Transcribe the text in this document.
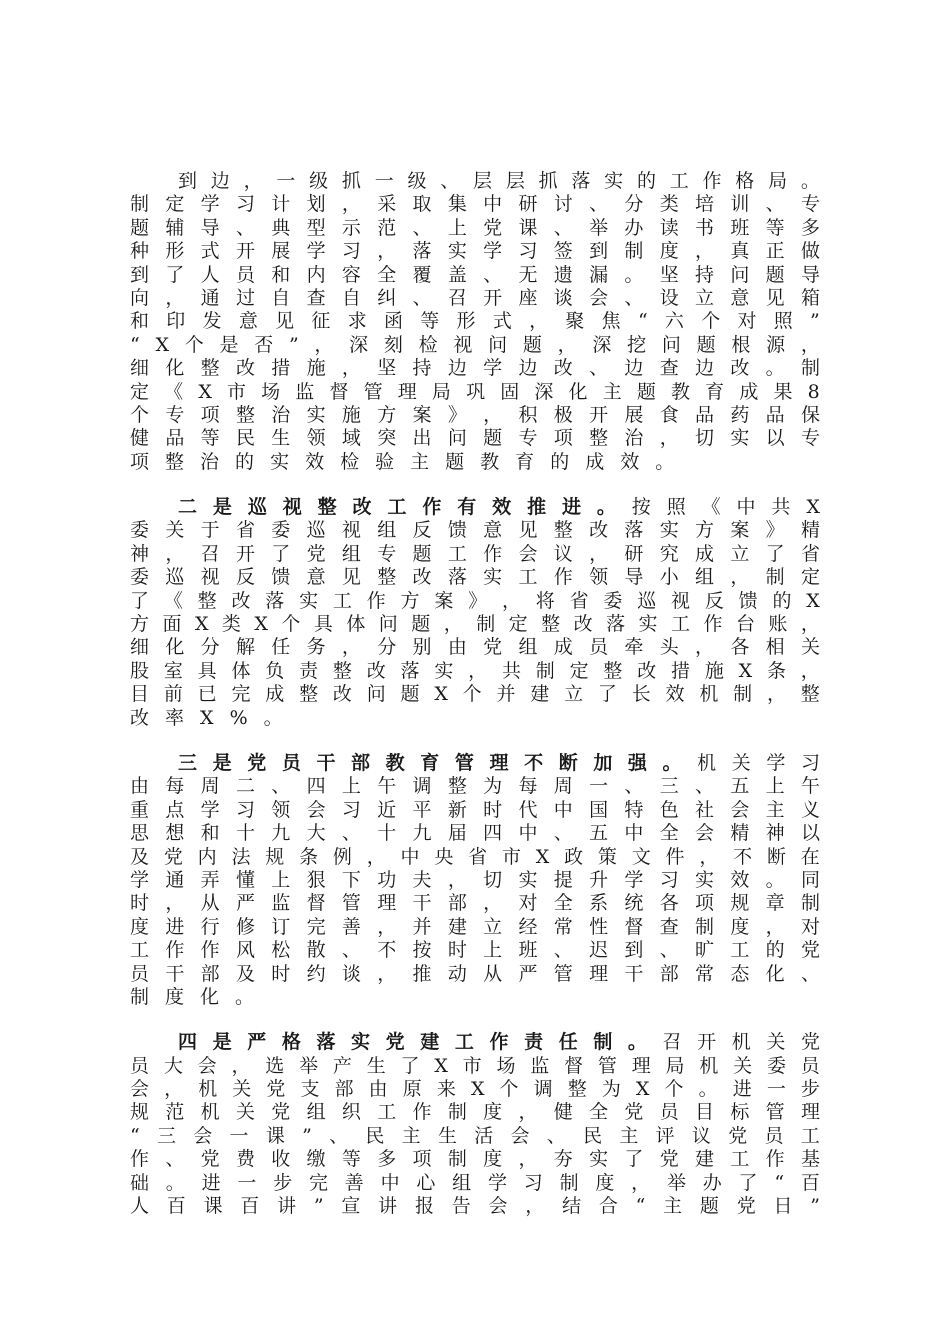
到 边 ， 一 级 抓 一 级 、 层 层 抓 落 实 的 工 作 格 局 。
制 定 学 习 计 划 ， 采 取 集 中 研 讨 、 分 类 培 训 、 专
题 辅 导 、 典 型 示 范 、 上 党 课 、 举 办 读 书 班 等 多
种 形 式 开 展 学 习 ， 落 实 学 习 签 到 制 度 ， 真 正 做
到 了 人 员 和 内 容 全 覆 盖 、 无 遗 漏 。 坚 持 问 题 导
向 ， 通 过 自 查 自 纠 、 召 开 座 谈 会 、 设 立 意 见 箱
和 印 发 意 见 征 求 函 等 形 式 ， 聚 焦 “ 六 个 对 照 ”
“ X 个 是 否 ” ， 深 刻 检 视 问 题 ， 深 挖 问 题 根 源 ，
细 化 整 改 措 施 ， 坚 持 边 学 边 改 、 边 查 边 改 。 制
定 《 X 市 场 监 督 管 理 局 巩 固 深 化 主 题 教 育 成 果 8
个 专 项 整 治 实 施 方 案 》 ， 积 极 开 展 食 品 药 品 保
健 品 等 民 生 领 域 突 出 问 题 专 项 整 治 ， 切 实 以 专
项 整 治 的 实 效 检 验 主 题 教 育 的 成 效 。
二 是 巡 视 整 改 工 作 有 效 推 进 。 按 照 《 中 共 X
委 关 于 省 委 巡 视 组 反 馈 意 见 整 改 落 实 方 案 》 精
神 ， 召 开 了 党 组 专 题 工 作 会 议 ， 研 究 成 立 了 省
委 巡 视 反 馈 意 见 整 改 落 实 工 作 领 导 小 组 ， 制 定
了 《 整 改 落 实 工 作 方 案 》 ， 将 省 委 巡 视 反 馈 的 X
方 面 X 类 X 个 具 体 问 题 ， 制 定 整 改 落 实 工 作 台 账 ，
细 化 分 解 任 务 ， 分 别 由 党 组 成 员 牵 头 ， 各 相 关
股 室 具 体 负 责 整 改 落 实 ， 共 制 定 整 改 措 施 X 条 ，
目 前 已 完 成 整 改 问 题 X 个 并 建 立 了 长 效 机 制 ， 整
改 率 X % 。
三 是 党 员 干 部 教 育 管 理 不 断 加 强 。 机 关 学 习
由 每 周 二 、 四 上 午 调 整 为 每 周 一 、 三 、 五 上 午
重 点 学 习 领 会 习 近 平 新 时 代 中 国 特 色 社 会 主 义
思 想 和 十 九 大 、 十 九 届 四 中 、 五 中 全 会 精 神 以
及 党 内 法 规 条 例 ， 中 央 省 市 X 政 策 文 件 ， 不 断 在
学 通 弄 懂 上 狠 下 功 夫 ， 切 实 提 升 学 习 实 效 。 同
时 ， 从 严 监 督 管 理 干 部 ， 对 全 系 统 各 项 规 章 制
度 进 行 修 订 完 善 ， 并 建 立 经 常 性 督 查 制 度 ， 对
工 作 作 风 松 散 、 不 按 时 上 班 、 迟 到 、 旷 工 的 党
员 干 部 及 时 约 谈 ， 推 动 从 严 管 理 干 部 常 态 化 、
制 度 化 。
四 是 严 格 落 实 党 建 工 作 责 任 制 。 召 开 机 关 党
员 大 会 ， 选 举 产 生 了 X 市 场 监 督 管 理 局 机 关 委 员
会 ， 机 关 党 支 部 由 原 来 X 个 调 整 为 X 个 。 进 一 步
规 范 机 关 党 组 织 工 作 制 度 ， 健 全 党 员 目 标 管 理
“ 三 会 一 课 ” 、 民 主 生 活 会 、 民 主 评 议 党 员 工
作 、 党 费 收 缴 等 多 项 制 度 ， 夯 实 了 党 建 工 作 基
础 。 进 一 步 完 善 中 心 组 学 习 制 度 ， 举 办 了 “ 百
人 百 课 百 讲 ” 宣 讲 报 告 会 ， 结 合 “ 主 题 党 日 ”
